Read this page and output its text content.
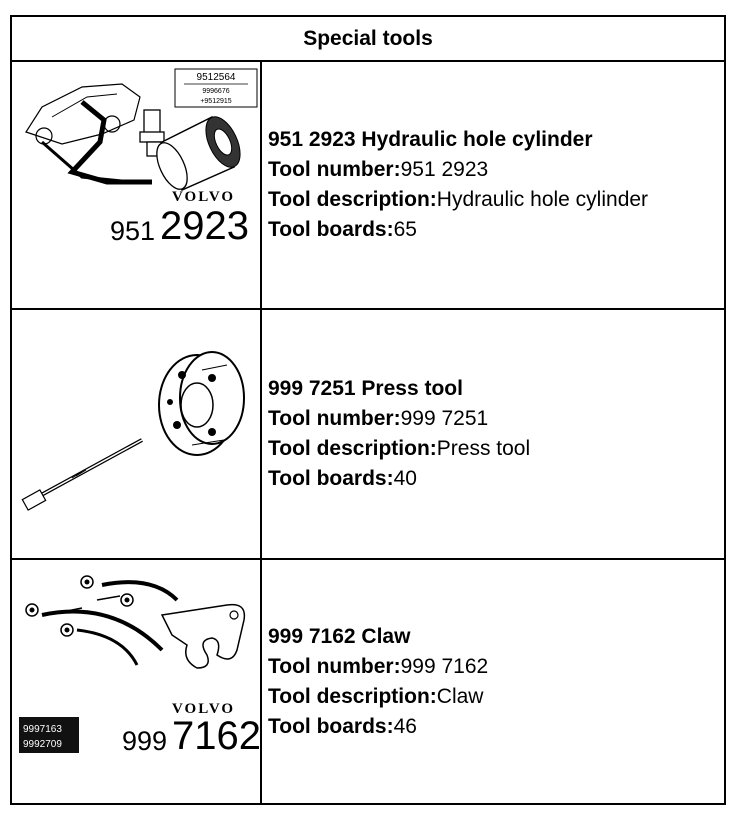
Special tools
9512564
9996676
+9512915
VOLVO
951 2923
951 2923 Hydraulic hole cylinder
Tool number:951 2923
Tool description:Hydraulic hole cylinder
Tool boards:65
999 7251 Press tool
Tool number:999 7251
Tool description:Press tool
Tool boards:40
9997163
9992709
VOLVO
999 7162
999 7162 Claw
Tool number:999 7162
Tool description:Claw
Tool boards:46
